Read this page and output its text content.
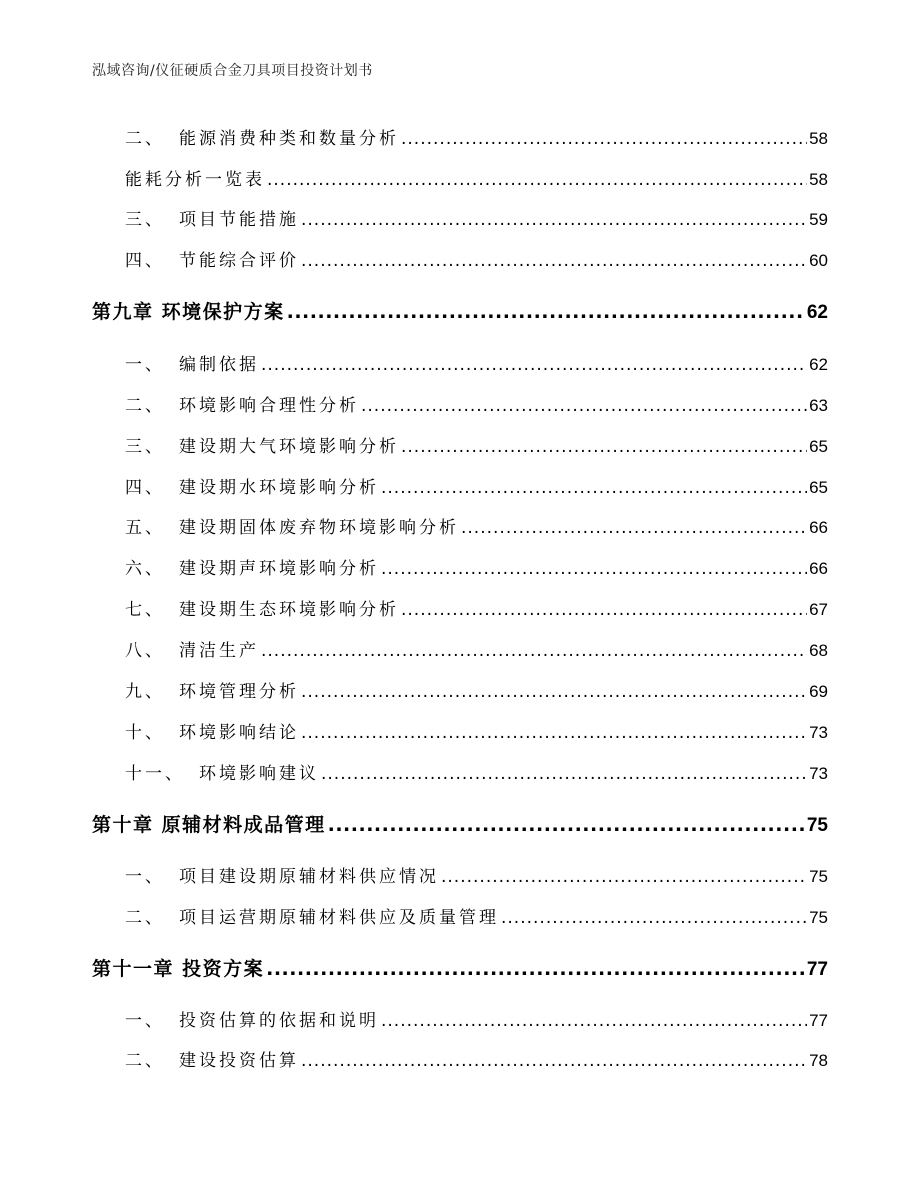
泓域咨询/仪征硬质合金刀具项目投资计划书
二、 能源消费种类和数量分析 .....	58
能耗分析一览表 .....	58
三、 项目节能措施 .....	59
四、 节能综合评价 .....	60
第九章 环境保护方案 .....	62
一、 编制依据 .....	62
二、 环境影响合理性分析 .....	63
三、 建设期大气环境影响分析 .....	65
四、 建设期水环境影响分析 .....	65
五、 建设期固体废弃物环境影响分析 .....	66
六、 建设期声环境影响分析 .....	66
七、 建设期生态环境影响分析 .....	67
八、 清洁生产 .....	68
九、 环境管理分析 .....	69
十、 环境影响结论 .....	73
十一、 环境影响建议 .....	73
第十章 原辅材料成品管理 .....	75
一、 项目建设期原辅材料供应情况 .....	75
二、 项目运营期原辅材料供应及质量管理 .....	75
第十一章 投资方案 .....	77
一、 投资估算的依据和说明 .....	77
二、 建设投资估算 .....	78
